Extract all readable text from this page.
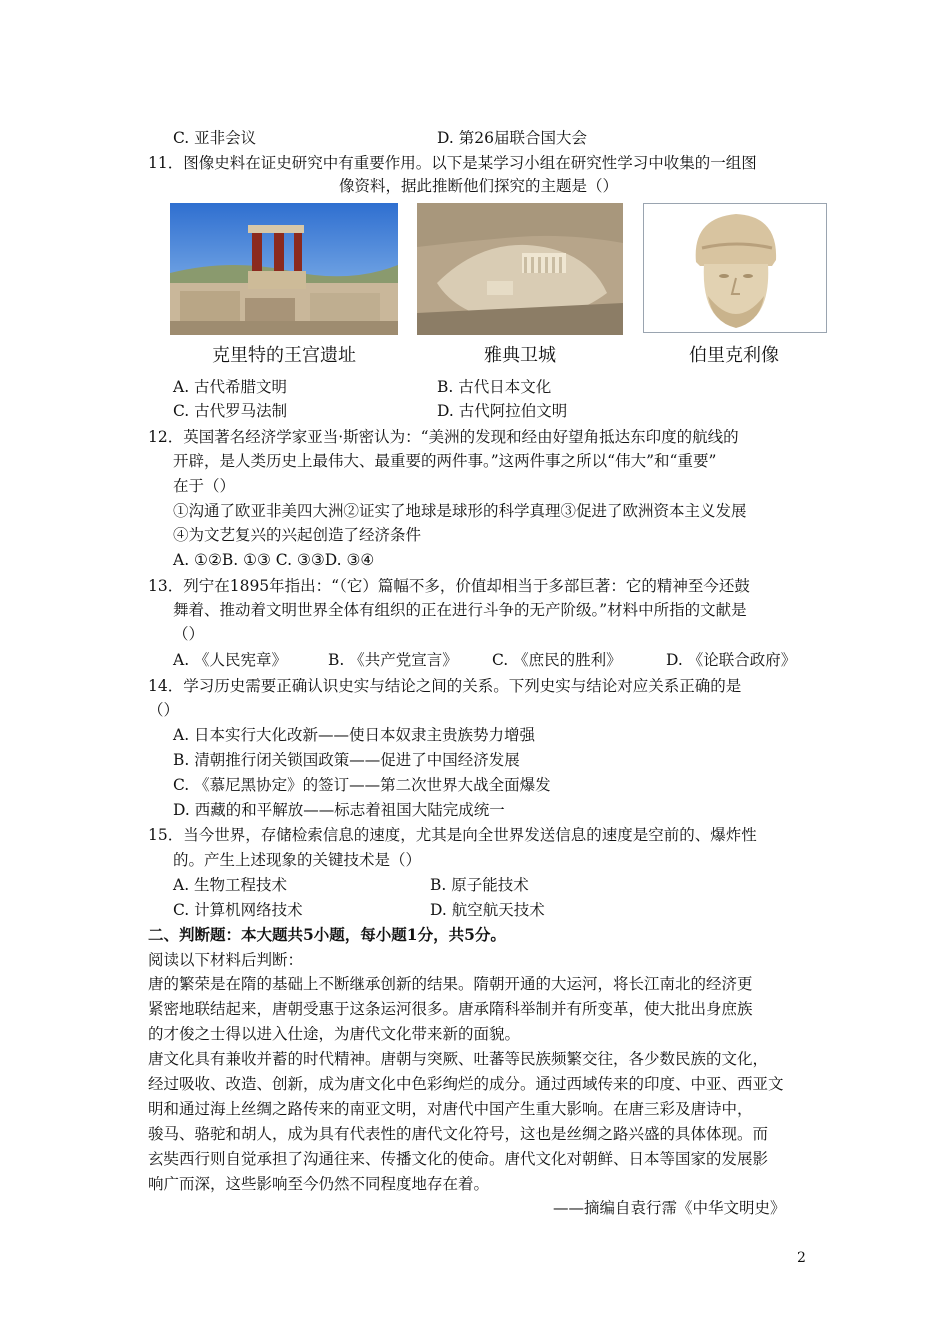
C. 亚非会议	D. 第26届联合国大会
11．图像史料在证史研究中有重要作用。以下是某学习小组在研究性学习中收集的一组图
像资料，据此推断他们探究的主题是（）
克里特的王宫遗址	雅典卫城	伯里克利像
A. 古代希腊文明	B. 古代日本文化
C. 古代罗马法制	D. 古代阿拉伯文明
12．英国著名经济学家亚当·斯密认为：“美洲的发现和经由好望角抵达东印度的航线的
开辟，是人类历史上最伟大、最重要的两件事。”这两件事之所以“伟大”和“重要”
在于（）
①沟通了欧亚非美四大洲②证实了地球是球形的科学真理③促进了欧洲资本主义发展
④为文艺复兴的兴起创造了经济条件
A. ①②B. ①③ C. ③③D. ③④
13．列宁在1895年指出：“（它）篇幅不多，价值却相当于多部巨著：它的精神至今还鼓
舞着、推动着文明世界全体有组织的正在进行斗争的无产阶级。”材料中所指的文献是
（）
A. 《人民宪章》	B. 《共产党宣言》 C. 《庶民的胜利》	D. 《论联合政府》
14．学习历史需要正确认识史实与结论之间的关系。下列史实与结论对应关系正确的是
（）
A. 日本实行大化改新——使日本奴隶主贵族势力增强
B. 清朝推行闭关锁国政策——促进了中国经济发展
C. 《慕尼黑协定》的签订——第二次世界大战全面爆发
D. 西藏的和平解放——标志着祖国大陆完成统一
15．当今世界，存储检索信息的速度，尤其是向全世界发送信息的速度是空前的、爆炸性
的。产生上述现象的关键技术是（）
A. 生物工程技术	B. 原子能技术
C. 计算机网络技术	D. 航空航天技术
二、判断题：本大题共5小题，每小题1分，共5分。
阅读以下材料后判断：
唐的繁荣是在隋的基础上不断继承创新的结果。隋朝开通的大运河，将长江南北的经济更
紧密地联结起来，唐朝受惠于这条运河很多。唐承隋科举制并有所变革，使大批出身庶族
的才俊之士得以进入仕途，为唐代文化带来新的面貌。
唐文化具有兼收并蓄的时代精神。唐朝与突厥、吐蕃等民族频繁交往，各少数民族的文化，
经过吸收、改造、创新，成为唐文化中色彩绚烂的成分。通过西域传来的印度、中亚、西亚文
明和通过海上丝绸之路传来的南亚文明，对唐代中国产生重大影响。在唐三彩及唐诗中，
骏马、骆驼和胡人，成为具有代表性的唐代文化符号，这也是丝绸之路兴盛的具体体现。而
玄奘西行则自觉承担了沟通往来、传播文化的使命。唐代文化对朝鲜、日本等国家的发展影
响广而深，这些影响至今仍然不同程度地存在着。
——摘编自袁行霈《中华文明史》
2
